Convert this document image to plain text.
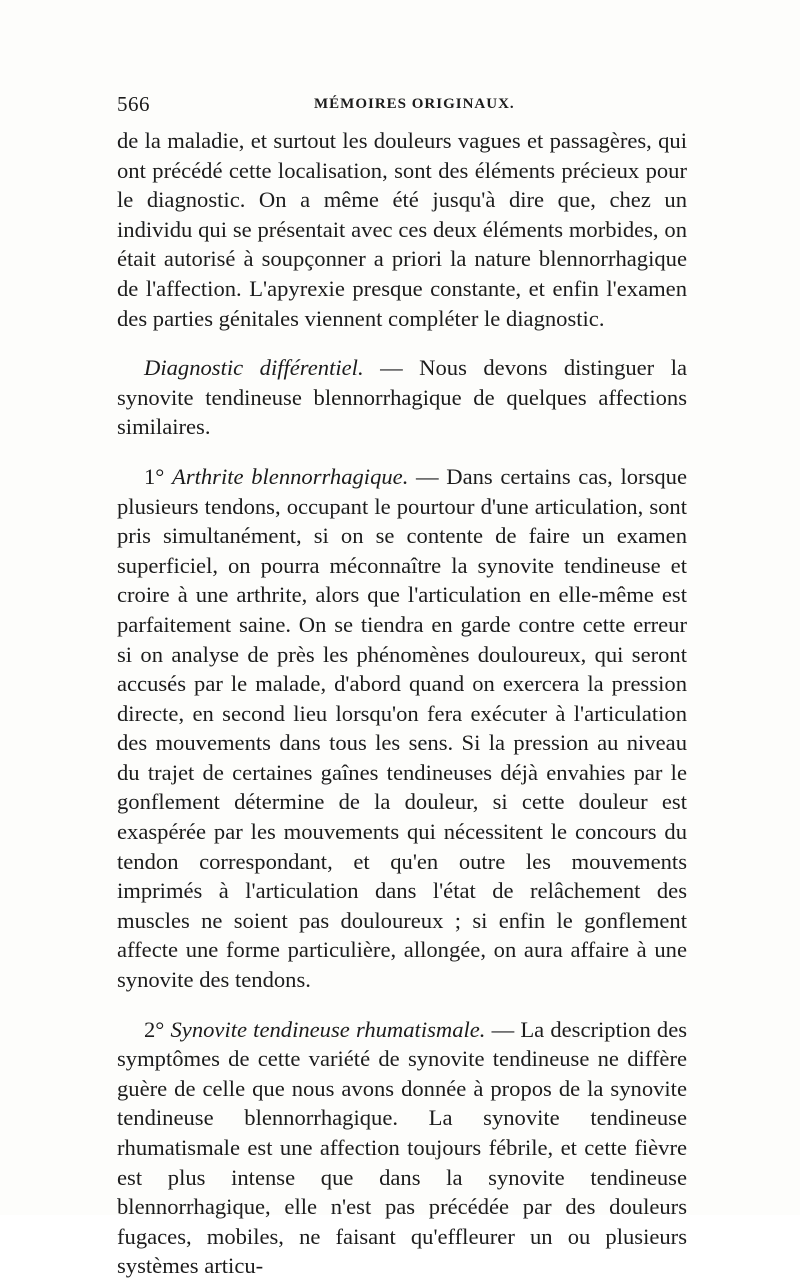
566	MÉMOIRES ORIGINAUX.

de la maladie, et surtout les douleurs vagues et passagères, qui ont précédé cette localisation, sont des éléments précieux pour le diagnostic. On a même été jusqu'à dire que, chez un individu qui se présentait avec ces deux éléments morbides, on était autorisé à soupçonner a priori la nature blennorrhagique de l'affection. L'apyrexie presque constante, et enfin l'examen des parties génitales viennent compléter le diagnostic.

Diagnostic différentiel. — Nous devons distinguer la synovite tendineuse blennorrhagique de quelques affections similaires.

1° Arthrite blennorrhagique. — Dans certains cas, lorsque plusieurs tendons, occupant le pourtour d'une articulation, sont pris simultanément, si on se contente de faire un examen superficiel, on pourra méconnaître la synovite tendineuse et croire à une arthrite, alors que l'articulation en elle-même est parfaitement saine. On se tiendra en garde contre cette erreur si on analyse de près les phénomènes douloureux, qui seront accusés par le malade, d'abord quand on exercera la pression directe, en second lieu lorsqu'on fera exécuter à l'articulation des mouvements dans tous les sens. Si la pression au niveau du trajet de certaines gaînes tendineuses déjà envahies par le gonflement détermine de la douleur, si cette douleur est exaspérée par les mouvements qui nécessitent le concours du tendon correspondant, et qu'en outre les mouvements imprimés à l'articulation dans l'état de relâchement des muscles ne soient pas douloureux ; si enfin le gonflement affecte une forme particulière, allongée, on aura affaire à une synovite des tendons.

2° Synovite tendineuse rhumatismale. — La description des symptômes de cette variété de synovite tendineuse ne diffère guère de celle que nous avons donnée à propos de la synovite tendineuse blennorrhagique. La synovite tendineuse rhumatismale est une affection toujours fébrile, et cette fièvre est plus intense que dans la synovite tendineuse blennorrhagique, elle n'est pas précédée par des douleurs fugaces, mobiles, ne faisant qu'effleurer un ou plusieurs systèmes articu-
